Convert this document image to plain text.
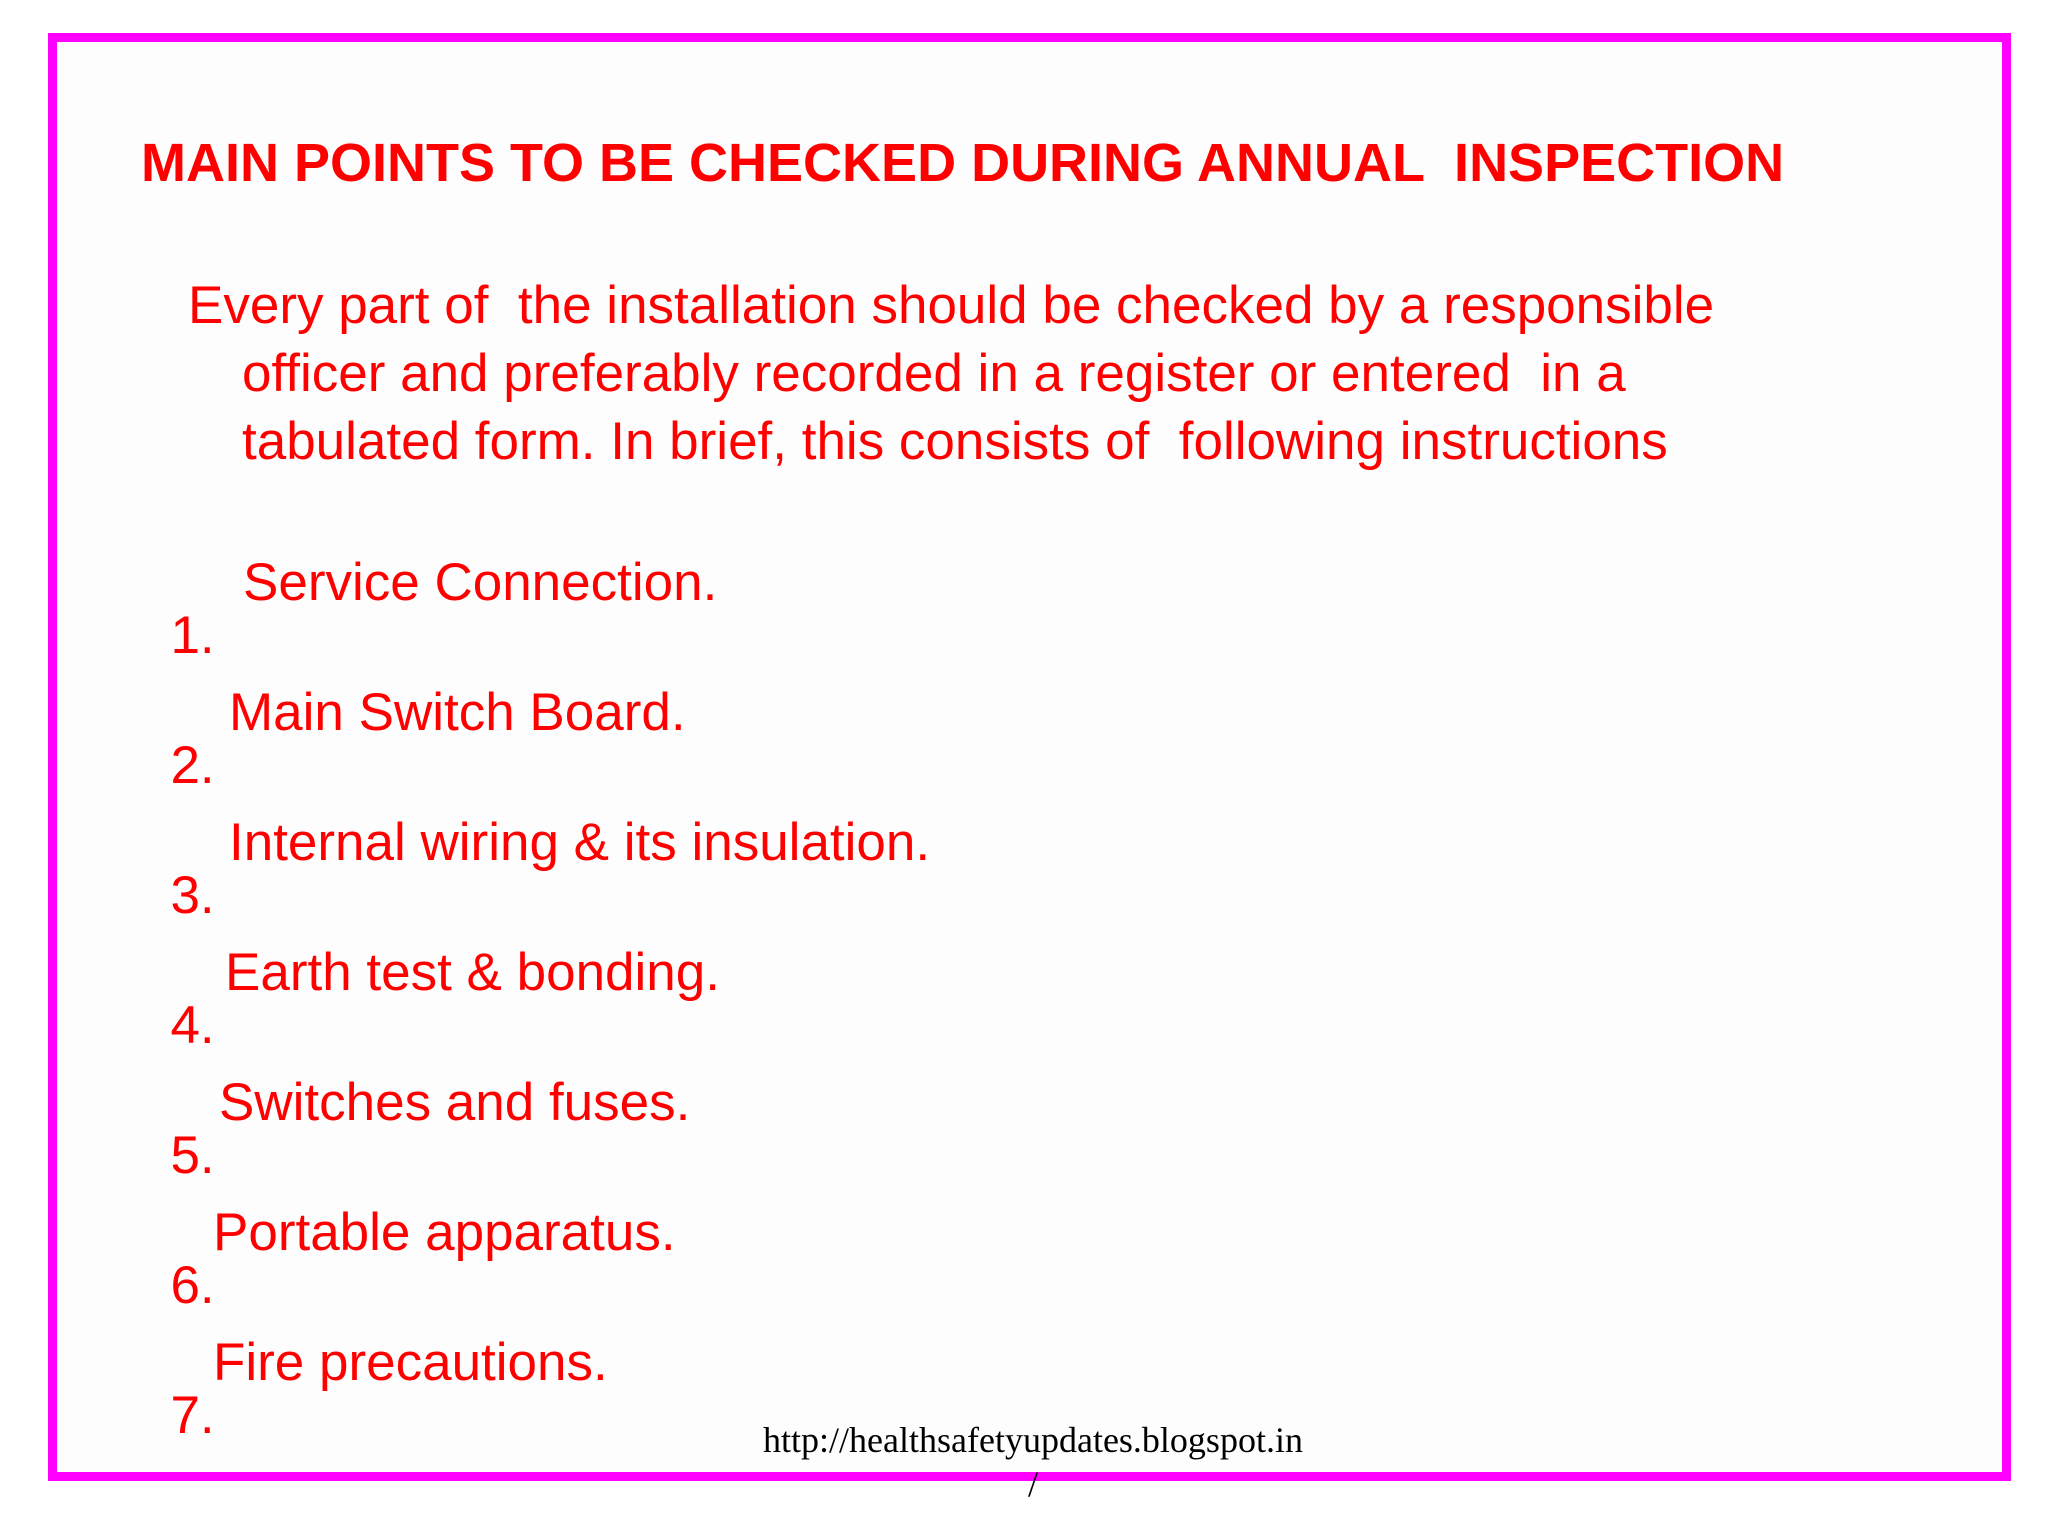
MAIN POINTS TO BE CHECKED DURING ANNUAL  INSPECTION

Every part of  the installation should be checked by a responsible
officer and preferably recorded in a register or entered  in a
tabulated form. In brief, this consists of  following instructions

1.

Service Connection.

2.

Main Switch Board.

3.

Internal wiring & its insulation.

4.

Earth test & bonding.

5.

Switches and fuses.

6.

Portable apparatus.

7.

Fire precautions.

http://healthsafetyupdates.blogspot.in
/
